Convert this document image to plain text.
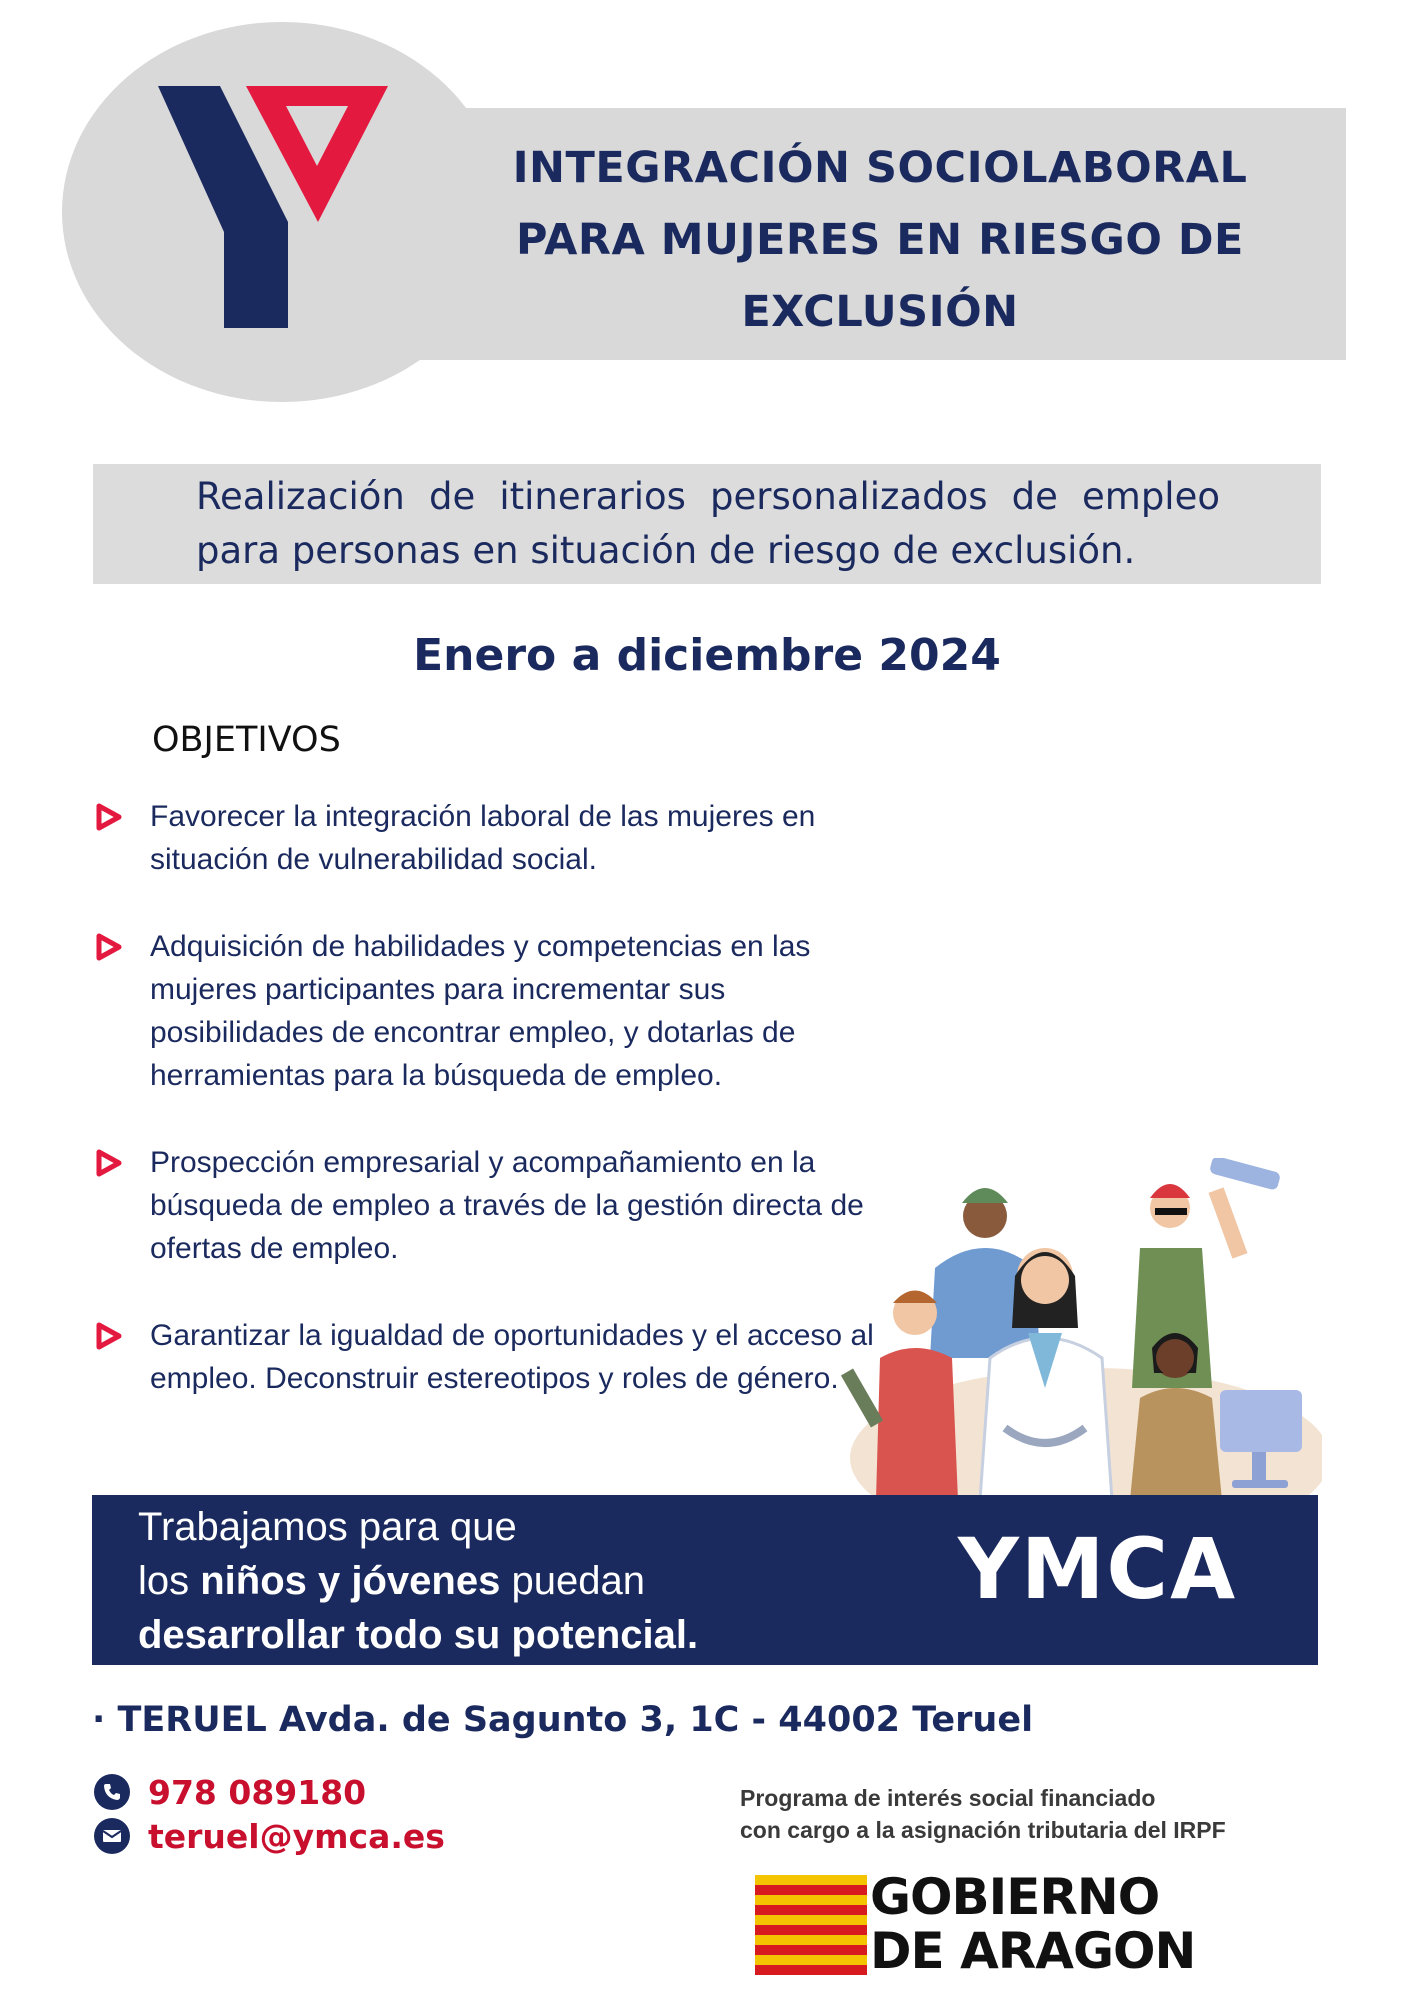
INTEGRACIÓN SOCIOLABORAL
PARA MUJERES EN RIESGO DE
EXCLUSIÓN
Realización de itinerarios personalizados de empleo para personas en situación de riesgo de exclusión.
Enero a diciembre 2024
OBJETIVOS
Favorecer la integración laboral de las mujeres en situación de vulnerabilidad social.
Adquisición de habilidades y competencias en las mujeres participantes para incrementar sus posibilidades de encontrar empleo, y dotarlas de herramientas para la búsqueda de empleo.
Prospección empresarial y acompañamiento en la búsqueda de empleo a través de la gestión directa de ofertas de empleo.
Garantizar la igualdad de oportunidades y el acceso al empleo. Deconstruir estereotipos y roles de género.
Trabajamos para que
los niños y jóvenes puedan
desarrollar todo su potencial.
YMCA
· TERUEL Avda. de Sagunto 3, 1C - 44002 Teruel
978 089180
teruel@ymca.es
Programa de interés social financiado
con cargo a la asignación tributaria del IRPF
GOBIERNO
DE ARAGON
